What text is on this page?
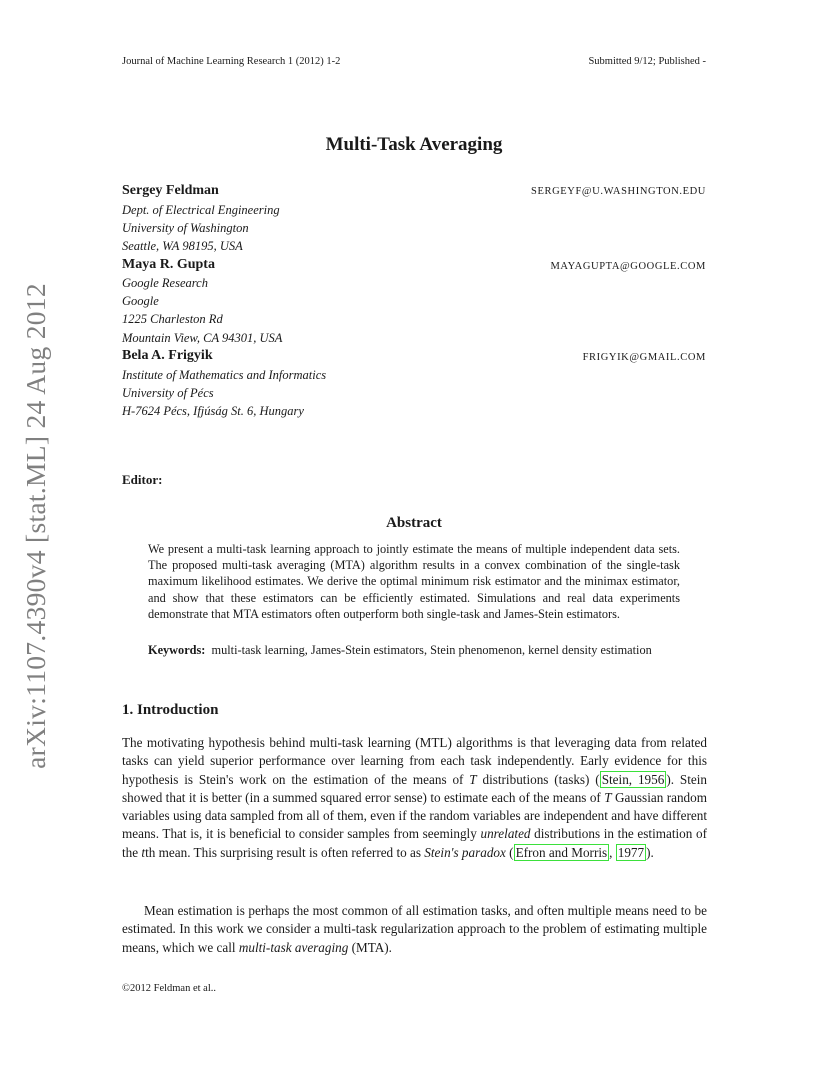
Journal of Machine Learning Research 1 (2012) 1-2	Submitted 9/12; Published -
Multi-Task Averaging
Sergey Feldman	SERGEYF@U.WASHINGTON.EDU
Dept. of Electrical Engineering
University of Washington
Seattle, WA 98195, USA
Maya R. Gupta	MAYAGUPTA@GOOGLE.COM
Google Research
Google
1225 Charleston Rd
Mountain View, CA 94301, USA
Bela A. Frigyik	FRIGYIK@GMAIL.COM
Institute of Mathematics and Informatics
University of Pécs
H-7624 Pécs, Ifjúság St. 6, Hungary
Editor:
Abstract
We present a multi-task learning approach to jointly estimate the means of multiple independent data sets. The proposed multi-task averaging (MTA) algorithm results in a convex combination of the single-task maximum likelihood estimates. We derive the optimal minimum risk estimator and the minimax estimator, and show that these estimators can be efficiently estimated. Simulations and real data experiments demonstrate that MTA estimators often outperform both single-task and James-Stein estimators.
Keywords: multi-task learning, James-Stein estimators, Stein phenomenon, kernel density estimation
1. Introduction
The motivating hypothesis behind multi-task learning (MTL) algorithms is that leveraging data from related tasks can yield superior performance over learning from each task independently. Early evidence for this hypothesis is Stein's work on the estimation of the means of T distributions (tasks) ( Stein, 1956 ). Stein showed that it is better (in a summed squared error sense) to estimate each of the means of T Gaussian random variables using data sampled from all of them, even if the random variables are independent and have different means. That is, it is beneficial to consider samples from seemingly unrelated distributions in the estimation of the tth mean. This surprising result is often referred to as Stein's paradox ( Efron and Morris , 1977 ).
Mean estimation is perhaps the most common of all estimation tasks, and often multiple means need to be estimated. In this work we consider a multi-task regularization approach to the problem of estimating multiple means, which we call multi-task averaging (MTA).
©2012 Feldman et al..
arXiv:1107.4390v4 [stat.ML] 24 Aug 2012
